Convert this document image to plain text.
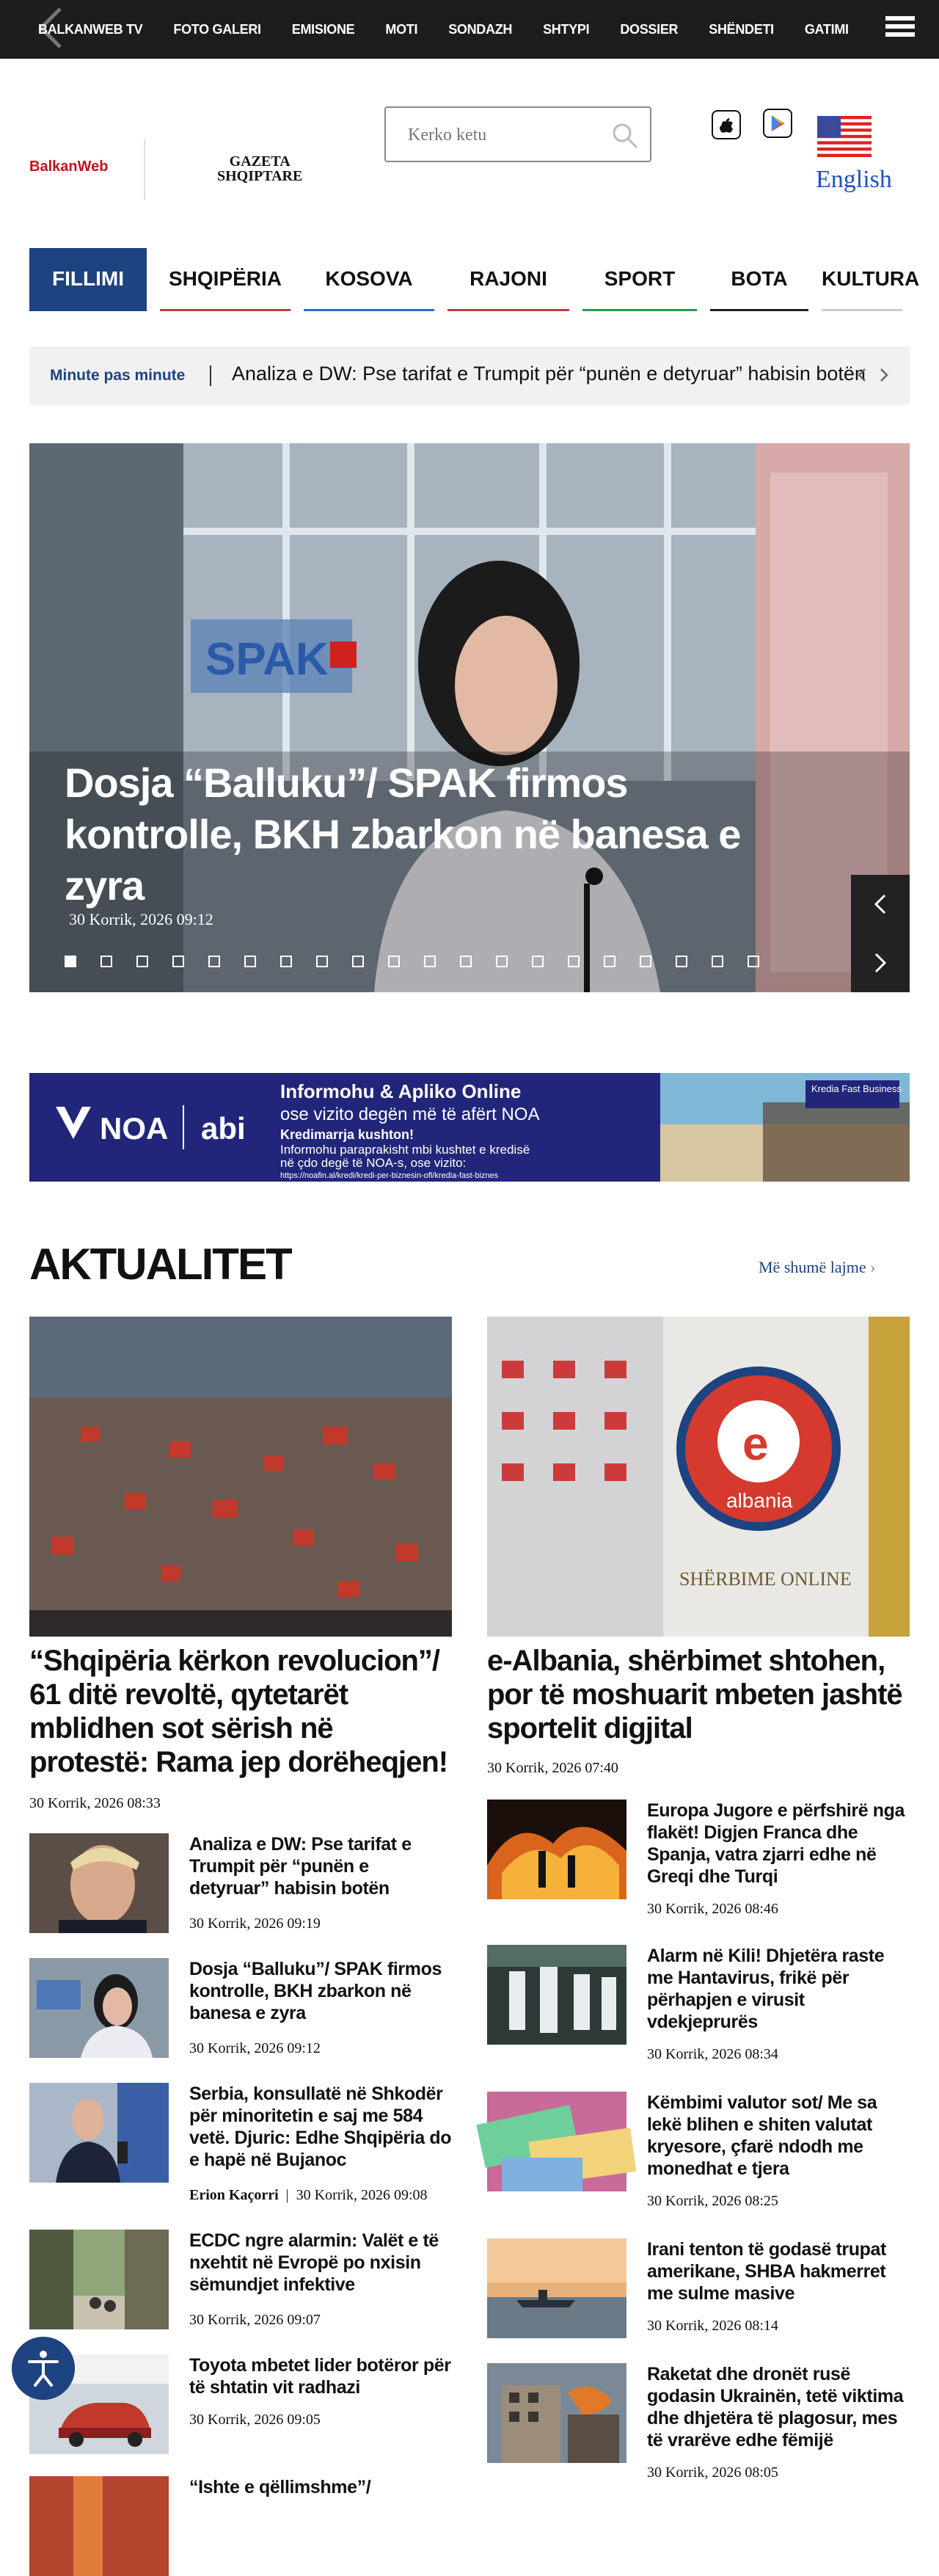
BALKANWEB TV FOTO GALERI EMISIONE MOTI SONDAZH SHTYPI DOSSIER SHËNDETI GATIMI
BalkanWeb	GAZETA
SHQIPTARE
Kerko ketu	English
FILLIMI	SHQIPËRIA	KOSOVA	RAJONI	SPORT	BOTA	KULTURA
Minute pas minute Analiza e DW: Pse tarifat e Trumpit për “punën e detyruar” habisin botën
SPAK
Dosja “Balluku”/ SPAK firmos kontrolle, BKH zbarkon në banesa e zyra
30 Korrik, 2026 09:12
NOA abi
Informohu & Apliko Online
ose vizito degën më të afërt NOA
Kredimarrja kushton!
Informohu paraprakisht mbi kushtet e kredisë
në çdo degë të NOA-s, ose vizito:
https://noafin.al/kredi/kredi-per-biznesin-ofl/kredia-fast-biznes
Kredia Fast Business
AKTUALITET	Më shumë lajme ›
“Shqipëria kërkon revolucion”/ 61 ditë revoltë, qytetarët mblidhen sot sërish në protestë: Rama jep dorëheqjen!
30 Korrik, 2026 08:33
e
albania
SHËRBIME ONLINE
e-Albania, shërbimet shtohen, por të moshuarit mbeten jashtë sportelit digjital
30 Korrik, 2026 07:40
Analiza e DW: Pse tarifat e Trumpit për “punën e detyruar” habisin botën
30 Korrik, 2026 09:19
Dosja “Balluku”/ SPAK firmos kontrolle, BKH zbarkon në banesa e zyra
30 Korrik, 2026 09:12
Serbia, konsullatë në Shkodër për minoritetin e saj me 584 vetë. Djuric: Edhe Shqipëria do e hapë në Bujanoc
Erion Kaçorri | 30 Korrik, 2026 09:08
ECDC ngre alarmin: Valët e të nxehtit në Evropë po nxisin sëmundjet infektive
30 Korrik, 2026 09:07
Toyota mbetet lider botëror për të shtatin vit radhazi
30 Korrik, 2026 09:05
“Ishte e qëllimshme”/
Europa Jugore e përfshirë nga flakët! Digjen Franca dhe Spanja, vatra zjarri edhe në Greqi dhe Turqi
30 Korrik, 2026 08:46
Alarm në Kili! Dhjetëra raste me Hantavirus, frikë për përhapjen e virusit vdekjeprurës
30 Korrik, 2026 08:34
Këmbimi valutor sot/ Me sa lekë blihen e shiten valutat kryesore, çfarë ndodh me monedhat e tjera
30 Korrik, 2026 08:25
Irani tenton të godasë trupat amerikane, SHBA hakmerret me sulme masive
30 Korrik, 2026 08:14
Raketat dhe dronët rusë godasin Ukrainën, tetë viktima dhe dhjetëra të plagosur, mes të vrarëve edhe fëmijë
30 Korrik, 2026 08:05
